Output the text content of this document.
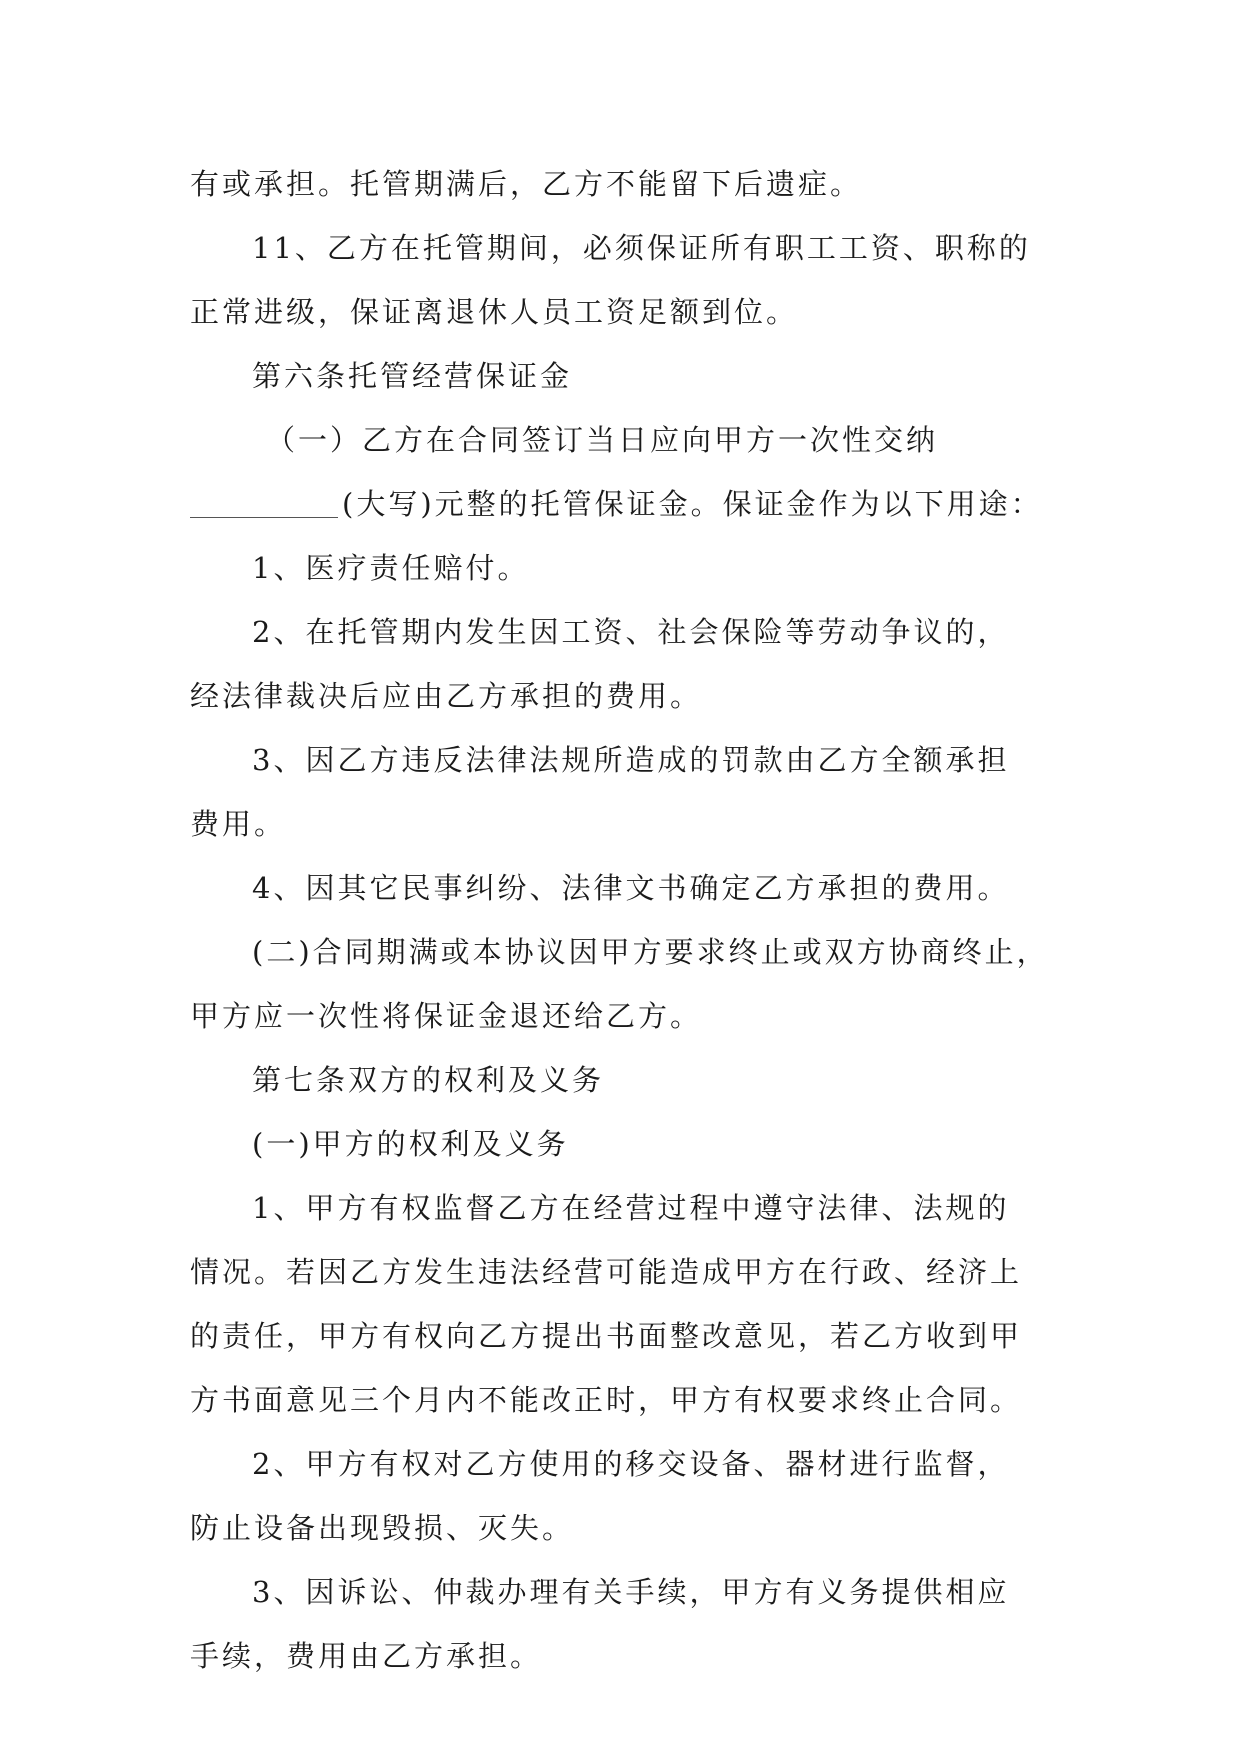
有或承担。托管期满后，乙方不能留下后遗症。
11、乙方在托管期间，必须保证所有职工工资、职称的
正常进级，保证离退休人员工资足额到位。
第六条托管经营保证金
（一）乙方在合同签订当日应向甲方一次性交纳
(大写)元整的托管保证金。保证金作为以下用途：
1、医疗责任赔付。
2、在托管期内发生因工资、社会保险等劳动争议的，
经法律裁决后应由乙方承担的费用。
3、因乙方违反法律法规所造成的罚款由乙方全额承担
费用。
4、因其它民事纠纷、法律文书确定乙方承担的费用。
(二)合同期满或本协议因甲方要求终止或双方协商终止，
甲方应一次性将保证金退还给乙方。
第七条双方的权利及义务
(一)甲方的权利及义务
1、甲方有权监督乙方在经营过程中遵守法律、法规的
情况。若因乙方发生违法经营可能造成甲方在行政、经济上
的责任，甲方有权向乙方提出书面整改意见，若乙方收到甲
方书面意见三个月内不能改正时，甲方有权要求终止合同。
2、甲方有权对乙方使用的移交设备、器材进行监督，
防止设备出现毁损、灭失。
3、因诉讼、仲裁办理有关手续，甲方有义务提供相应
手续，费用由乙方承担。
